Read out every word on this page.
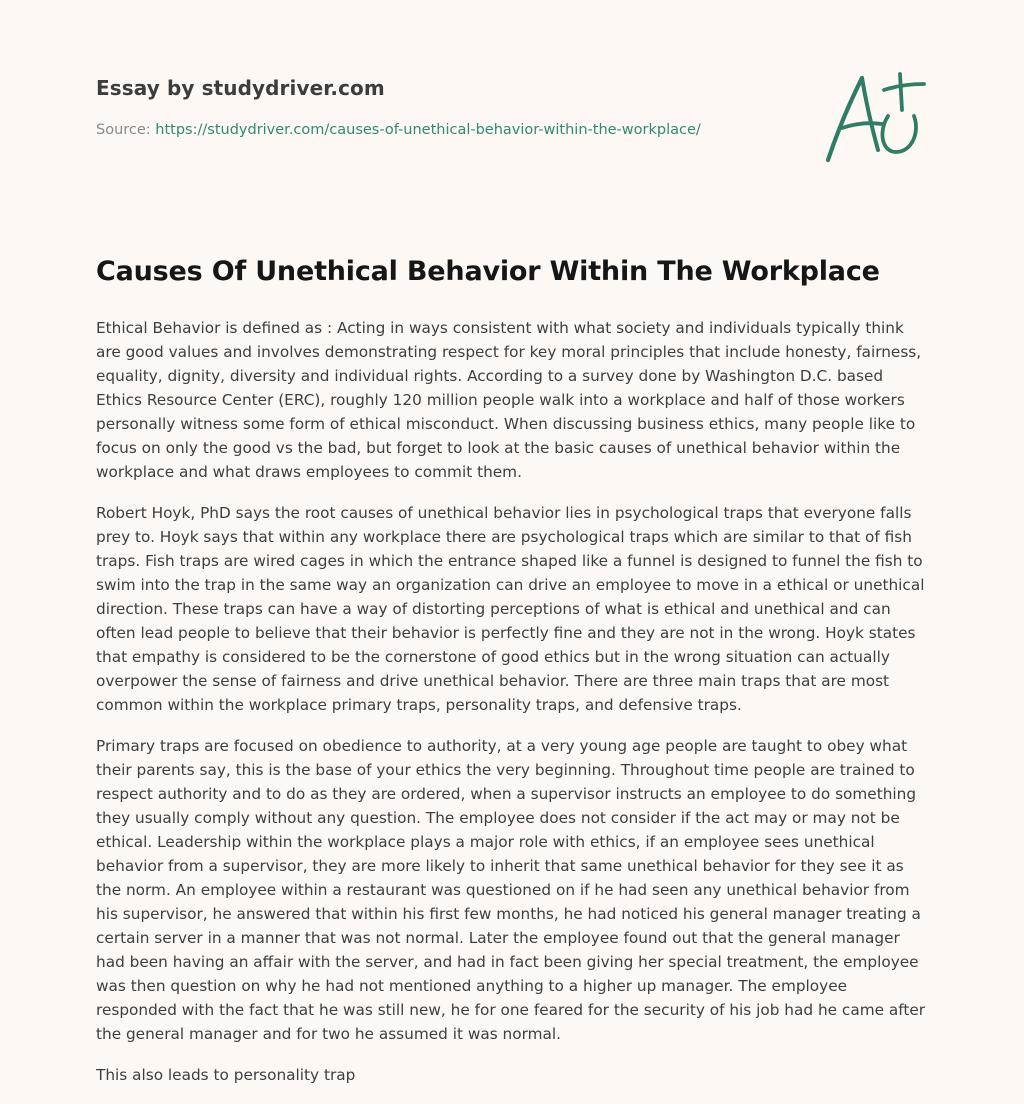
Essay by studydriver.com
Source: https://studydriver.com/causes-of-unethical-behavior-within-the-workplace/
Causes Of Unethical Behavior Within The Workplace

Ethical Behavior is defined as : Acting in ways consistent with what society and individuals typically think are good values and involves demonstrating respect for key moral principles that include honesty, fairness, equality, dignity, diversity and individual rights. According to a survey done by Washington D.C. based Ethics Resource Center (ERC), roughly 120 million people walk into a workplace and half of those workers personally witness some form of ethical misconduct. When discussing business ethics, many people like to focus on only the good vs the bad, but forget to look at the basic causes of unethical behavior within the workplace and what draws employees to commit them.

Robert Hoyk, PhD says the root causes of unethical behavior lies in psychological traps that everyone falls prey to. Hoyk says that within any workplace there are psychological traps which are similar to that of fish traps. Fish traps are wired cages in which the entrance shaped like a funnel is designed to funnel the fish to swim into the trap in the same way an organization can drive an employee to move in a ethical or unethical direction. These traps can have a way of distorting perceptions of what is ethical and unethical and can often lead people to believe that their behavior is perfectly fine and they are not in the wrong. Hoyk states that empathy is considered to be the cornerstone of good ethics but in the wrong situation can actually overpower the sense of fairness and drive unethical behavior. There are three main traps that are most common within the workplace primary traps, personality traps, and defensive traps.

Primary traps are focused on obedience to authority, at a very young age people are taught to obey what their parents say, this is the base of your ethics the very beginning. Throughout time people are trained to respect authority and to do as they are ordered, when a supervisor instructs an employee to do something they usually comply without any question. The employee does not consider if the act may or may not be ethical. Leadership within the workplace plays a major role with ethics, if an employee sees unethical behavior from a supervisor, they are more likely to inherit that same unethical behavior for they see it as the norm. An employee within a restaurant was questioned on if he had seen any unethical behavior from his supervisor, he answered that within his first few months, he had noticed his general manager treating a certain server in a manner that was not normal. Later the employee found out that the general manager had been having an affair with the server, and had in fact been giving her special treatment, the employee was then question on why he had not mentioned anything to a higher up manager. The employee responded with the fact that he was still new, he for one feared for the security of his job had he came after the general manager and for two he assumed it was normal.

This also leads to personality trap
